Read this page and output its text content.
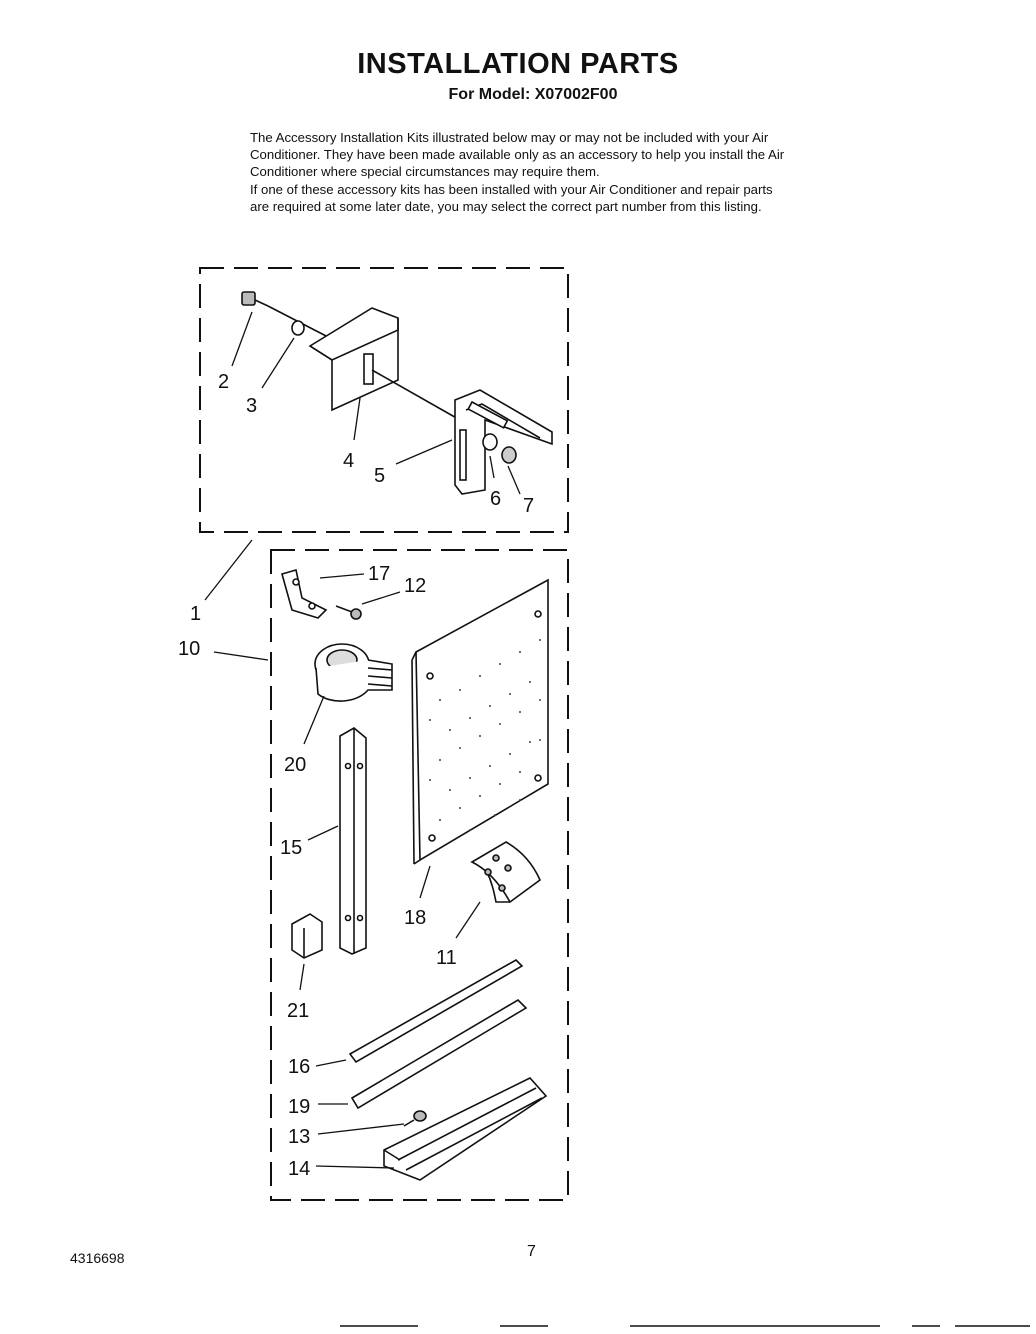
INSTALLATION PARTS
For Model: X07002F00

The Accessory Installation Kits illustrated below may or may not be included with your Air Conditioner. They have been made available only as an accessory to help you install the Air Conditioner where special circumstances may require them.

If one of these accessory kits has been installed with your Air Conditioner and repair parts are required at some later date, you may select the correct part number from this listing.

2
3
4
5
6 7
1
10
17
12
20
15
18
11
21
16
19
13
14
4316698	7
